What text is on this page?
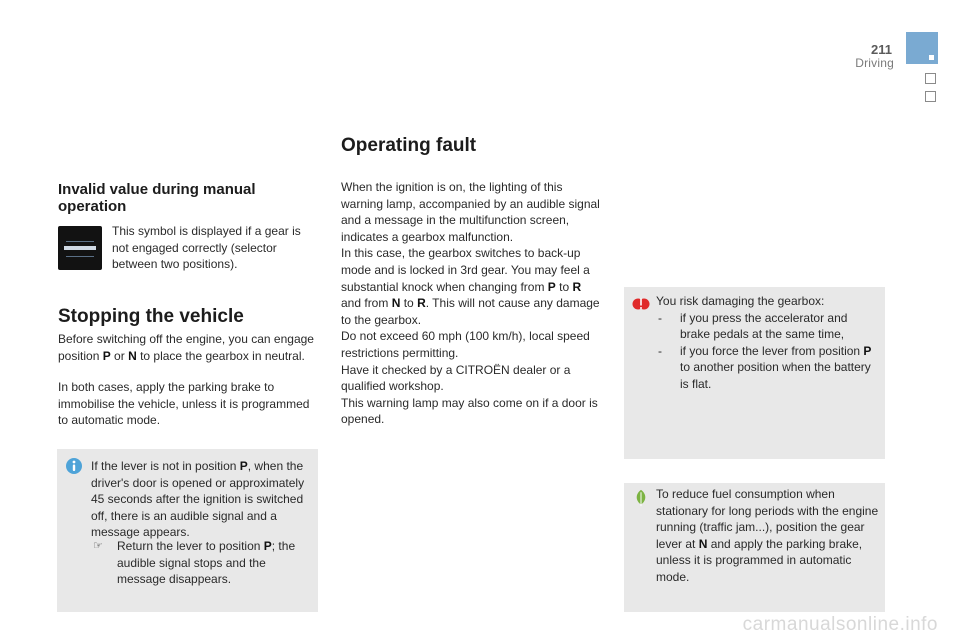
211
Driving
Invalid value during manual operation
This symbol is displayed if a gear is not engaged correctly (selector between two positions).
Stopping the vehicle
Before switching off the engine, you can engage position P or N to place the gearbox in neutral.
In both cases, apply the parking brake to immobilise the vehicle, unless it is programmed to automatic mode.
If the lever is not in position P, when the driver's door is opened or approximately 45 seconds after the ignition is switched off, there is an audible signal and a message appears.
☞ Return the lever to position P; the audible signal stops and the message disappears.
Operating fault
When the ignition is on, the lighting of this warning lamp, accompanied by an audible signal and a message in the multifunction screen, indicates a gearbox malfunction.
In this case, the gearbox switches to back-up mode and is locked in 3rd gear. You may feel a substantial knock when changing from P to R and from N to R. This will not cause any damage to the gearbox.
Do not exceed 60 mph (100 km/h), local speed restrictions permitting.
Have it checked by a CITROËN dealer or a qualified workshop.
This warning lamp may also come on if a door is opened.
You risk damaging the gearbox:
- if you press the accelerator and brake pedals at the same time,
- if you force the lever from position P to another position when the battery is flat.
To reduce fuel consumption when stationary for long periods with the engine running (traffic jam...), position the gear lever at N and apply the parking brake, unless it is programmed in automatic mode.
carmanualsonline.info
